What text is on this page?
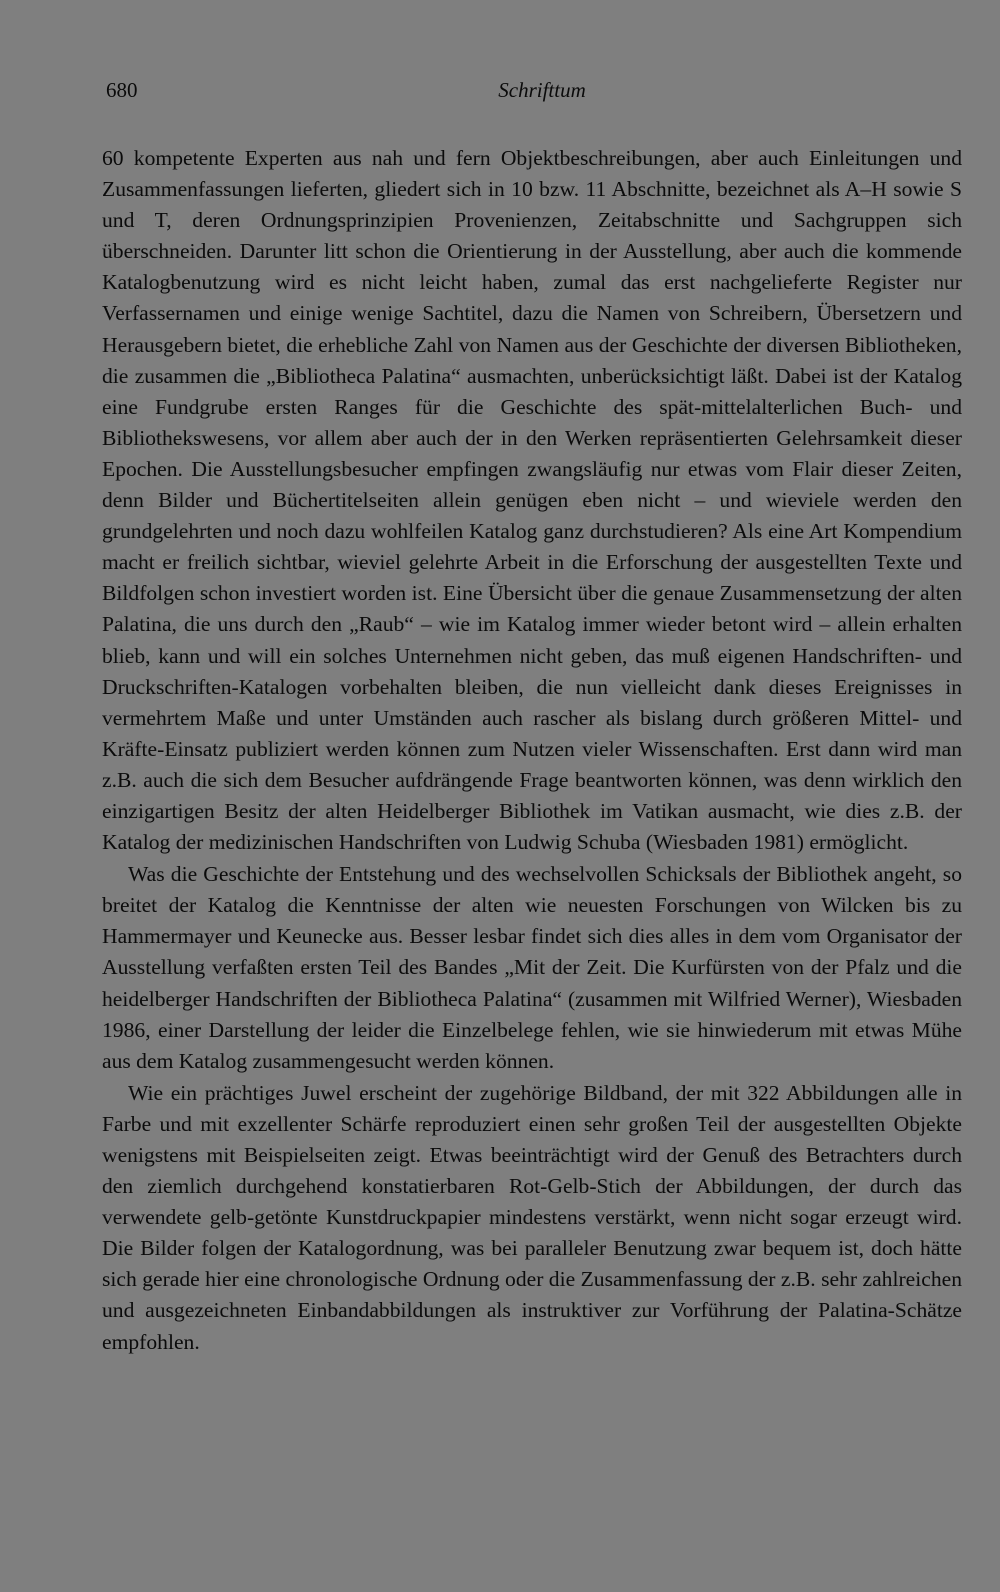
680	Schrifttum

60 kompetente Experten aus nah und fern Objektbeschreibungen, aber auch Einleitungen und Zusammenfassungen lieferten, gliedert sich in 10 bzw. 11 Abschnitte, bezeichnet als A–H sowie S und T, deren Ordnungsprinzipien Provenienzen, Zeitabschnitte und Sachgruppen sich überschneiden. Darunter litt schon die Orientierung in der Ausstellung, aber auch die kommende Katalogbenutzung wird es nicht leicht haben, zumal das erst nachgelieferte Register nur Verfassernamen und einige wenige Sachtitel, dazu die Namen von Schreibern, Übersetzern und Herausgebern bietet, die erhebliche Zahl von Namen aus der Geschichte der diversen Bibliotheken, die zusammen die „Bibliotheca Palatina“ ausmachten, unberücksichtigt läßt. Dabei ist der Katalog eine Fundgrube ersten Ranges für die Geschichte des spät-mittelalterlichen Buch- und Bibliothekswesens, vor allem aber auch der in den Werken repräsentierten Gelehrsamkeit dieser Epochen. Die Ausstellungsbesucher empfingen zwangsläufig nur etwas vom Flair dieser Zeiten, denn Bilder und Büchertitelseiten allein genügen eben nicht – und wieviele werden den grundgelehrten und noch dazu wohlfeilen Katalog ganz durchstudieren? Als eine Art Kompendium macht er freilich sichtbar, wieviel gelehrte Arbeit in die Erforschung der ausgestellten Texte und Bildfolgen schon investiert worden ist. Eine Übersicht über die genaue Zusammensetzung der alten Palatina, die uns durch den „Raub“ – wie im Katalog immer wieder betont wird – allein erhalten blieb, kann und will ein solches Unternehmen nicht geben, das muß eigenen Handschriften- und Druckschriften-Katalogen vorbehalten bleiben, die nun vielleicht dank dieses Ereignisses in vermehrtem Maße und unter Umständen auch rascher als bislang durch größeren Mittel- und Kräfte-Einsatz publiziert werden können zum Nutzen vieler Wissenschaften. Erst dann wird man z.B. auch die sich dem Besucher aufdrängende Frage beantworten können, was denn wirklich den einzigartigen Besitz der alten Heidelberger Bibliothek im Vatikan ausmacht, wie dies z.B. der Katalog der medizinischen Handschriften von Ludwig Schuba (Wiesbaden 1981) ermöglicht.

Was die Geschichte der Entstehung und des wechselvollen Schicksals der Bibliothek angeht, so breitet der Katalog die Kenntnisse der alten wie neuesten Forschungen von Wilcken bis zu Hammermayer und Keunecke aus. Besser lesbar findet sich dies alles in dem vom Organisator der Ausstellung verfaßten ersten Teil des Bandes „Mit der Zeit. Die Kurfürsten von der Pfalz und die heidelberger Handschriften der Bibliotheca Palatina“ (zusammen mit Wilfried Werner), Wiesbaden 1986, einer Darstellung der leider die Einzelbelege fehlen, wie sie hinwiederum mit etwas Mühe aus dem Katalog zusammengesucht werden können.

Wie ein prächtiges Juwel erscheint der zugehörige Bildband, der mit 322 Abbildungen alle in Farbe und mit exzellenter Schärfe reproduziert einen sehr großen Teil der ausgestellten Objekte wenigstens mit Beispielseiten zeigt. Etwas beeinträchtigt wird der Genuß des Betrachters durch den ziemlich durchgehend konstatierbaren Rot-Gelb-Stich der Abbildungen, der durch das verwendete gelb-getönte Kunstdruckpapier mindestens verstärkt, wenn nicht sogar erzeugt wird. Die Bilder folgen der Katalogordnung, was bei paralleler Benutzung zwar bequem ist, doch hätte sich gerade hier eine chronologische Ordnung oder die Zusammenfassung der z.B. sehr zahlreichen und ausgezeichneten Einbandabbildungen als instruktiver zur Vorführung der Palatina-Schätze empfohlen.
